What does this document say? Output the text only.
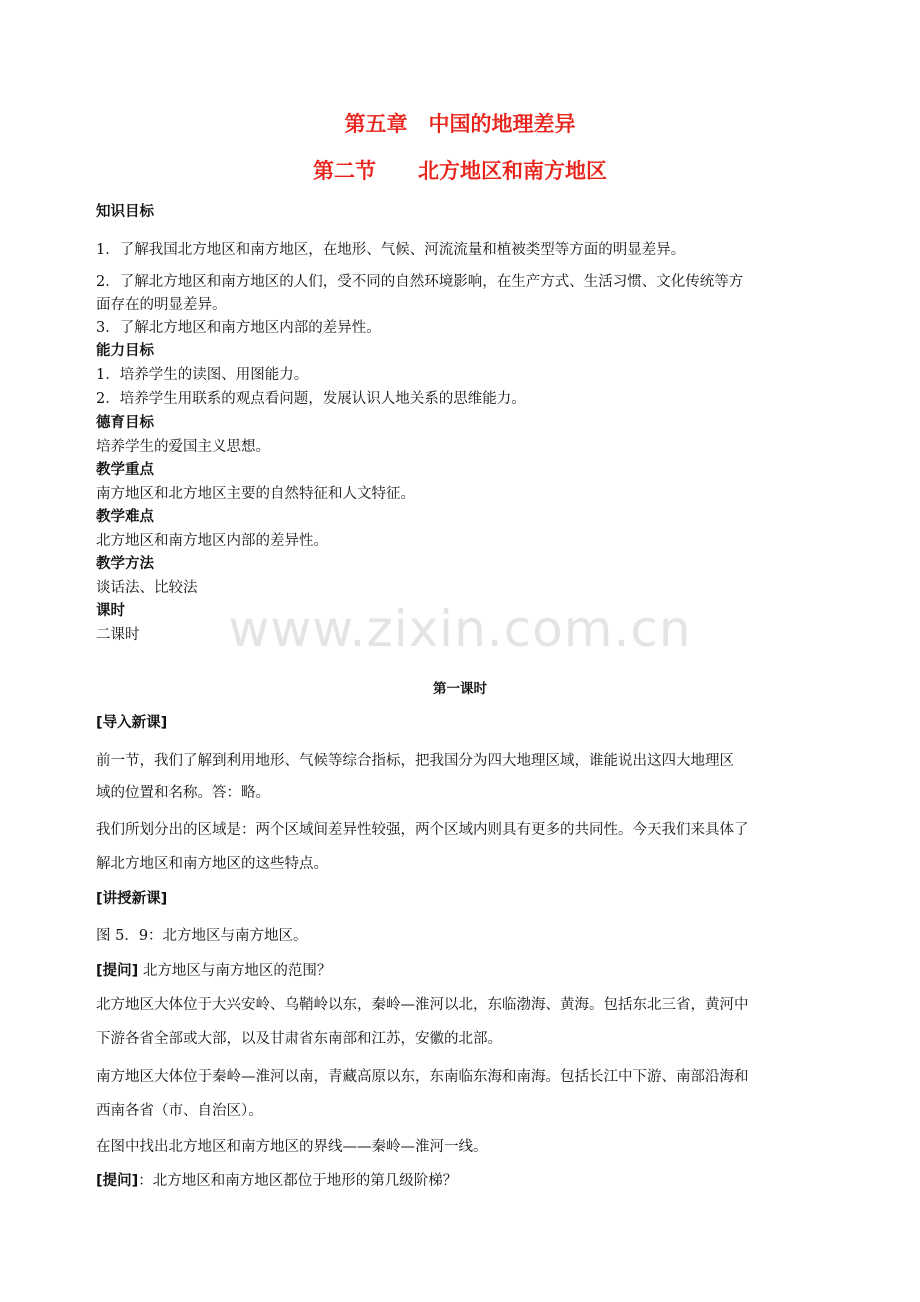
第五章　中国的地理差异
第二节　　北方地区和南方地区
知识目标
1．了解我国北方地区和南方地区，在地形、气候、河流流量和植被类型等方面的明显差异。
2．了解北方地区和南方地区的人们，受不同的自然环境影响，在生产方式、生活习惯、文化传统等方
面存在的明显差异。
3．了解北方地区和南方地区内部的差异性。
能力目标
1．培养学生的读图、用图能力。
2．培养学生用联系的观点看问题，发展认识人地关系的思维能力。
德育目标
培养学生的爱国主义思想。
教学重点
南方地区和北方地区主要的自然特征和人文特征。
教学难点
北方地区和南方地区内部的差异性。
教学方法
谈话法、比较法
课时
二课时	www.zixin.com.cn
第一课时
[导入新课]
前一节，我们了解到利用地形、气候等综合指标，把我国分为四大地理区域，谁能说出这四大地理区
域的位置和名称。答：略。
我们所划分出的区域是：两个区域间差异性较强，两个区域内则具有更多的共同性。今天我们来具体了
解北方地区和南方地区的这些特点。
[讲授新课]
图 5．9：北方地区与南方地区。
[提问] 北方地区与南方地区的范围？
北方地区大体位于大兴安岭、乌鞘岭以东，秦岭—淮河以北，东临渤海、黄海。包括东北三省，黄河中
下游各省全部或大部，以及甘肃省东南部和江苏，安徽的北部。
南方地区大体位于秦岭—淮河以南，青藏高原以东，东南临东海和南海。包括长江中下游、南部沿海和
西南各省（市、自治区）。
在图中找出北方地区和南方地区的界线——秦岭—淮河一线。
[提问]：北方地区和南方地区都位于地形的第几级阶梯？
